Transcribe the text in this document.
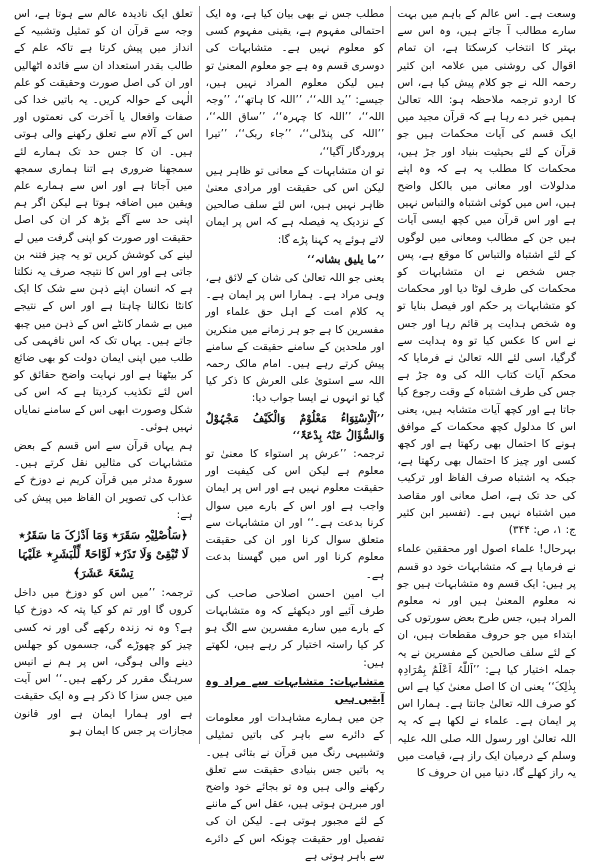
وسعت ہے۔ اس عالم کے باہم میں بہت سارے مطالب آ جاتے ہیں، وہ اس سے بہتر کا انتخاب کرسکتا ہے، ان تمام اقوال کی روشنی میں علامہ ابن کثیر رحمہ اللہ نے جو کلام پیش کیا ہے، اس کا اردو ترجمہ ملاحظہ ہو: اللہ تعالیٰ ہمیں خبر دے رہا ہے کہ قرآن مجید میں ایک قسم کی آیات محکمات ہیں جو قرآن کے لئے بحیثیت بنیاد اور جڑ ہیں، محکمات کا مطلب یہ ہے کہ وہ اپنے مدلولات اور معانی میں بالکل واضح ہیں، اس میں کوئی اشتباہ والتباس نہیں ہے اور اس قرآن میں کچھ ایسی آیات ہیں جن کے مطالب ومعانی میں لوگوں کے لئے اشتباہ والتباس کا موقع ہے، پس جس شخص نے ان متشابہات کو محکمات کی طرف لوٹا دیا اور محکمات کو متشابہات پر حکم اور فیصل بنایا تو وہ شخص ہدایت پر قائم رہا اور جس نے اس کا عکس کیا تو وہ ہدایت سے گرگیا، اسی لئے اللہ تعالیٰ نے فرمایا کہ محکم آیات کتاب اللہ کی وہ جڑ ہے جس کی طرف اشتباہ کے وقت رجوع کیا جاتا ہے اور کچھ آیات متشابہ ہیں، یعنی اس کا مدلول کچھ محکمات کے موافق ہونے کا احتمال بھی رکھتا ہے اور کچھ کسی اور چیز کا احتمال بھی رکھتا ہے، جبکہ یہ اشتباہ صرف الفاظ اور ترکیب کی حد تک ہے، اصل معانی اور مقاصد میں اشتباہ نہیں ہے۔ (تفسیر ابن کثیر ج: ۱، ص: ۳۴۴)

بہرحال! علماء اصول اور محققین علماء نے فرمایا ہے کہ متشابہات خود دو قسم پر ہیں: ایک قسم وہ متشابہات ہیں جو نہ معلوم المعنیٰ ہیں اور نہ معلوم المراد ہیں، جس طرح بعض سورتوں کی ابتداء میں جو حروف مقطعات ہیں، ان کے لئے سلف صالحین کے مفسرین نے یہ جملہ اختیار کیا ہے: ’’اَللّٰہُ اَعْلَمُ بِمُرَادِہٖ بِذٰلِکَ‘‘ یعنی ان کا اصل معنیٰ کیا ہے اس کو صرف اللہ تعالیٰ جانتا ہے۔ ہمارا اس پر ایمان ہے۔ علماء نے لکھا ہے کہ یہ اللہ تعالیٰ اور رسول اللہ صلی اللہ علیہ وسلم کے درمیان ایک راز ہے، قیامت میں یہ راز کھلے گا، دنیا میں ان حروف کا

مطلب جس نے بھی بیان کیا ہے، وہ ایک احتمالی مفہوم ہے، یقینی مفہوم کسی کو معلوم نہیں ہے۔ متشابہات کی دوسری قسم وہ ہے جو معلوم المعنیٰ تو ہیں لیکن معلوم المراد نہیں ہیں، جیسے: ’’ید اللہ‘‘، ’’اللہ کا ہاتھ‘‘، ’’وجہ اللہ‘‘، ’’اللہ کا چہرہ‘‘، ’’ساق اللہ‘‘، ’’اللہ کی پنڈلی‘‘، ’’جاء ربک‘‘، ’’تیرا پروردگار آگیا‘‘،

تو ان متشابہات کے معانی تو ظاہر ہیں لیکن اس کی حقیقت اور مرادی معنیٰ ظاہر نہیں ہیں، اس لئے سلف صالحین کے نزدیک یہ فیصلہ ہے کہ اس پر ایمان لاتے ہوئے یہ کہنا پڑے گا:

’’ما یلیق بشانہ‘‘

یعنی جو اللہ تعالیٰ کی شان کے لائق ہے، وہی مراد ہے۔ ہمارا اس پر ایمان ہے۔ یہ کلام امت کے اہل حق علماء اور مفسرین کا ہے جو ہر زمانے میں منکرین اور ملحدین کے سامنے حقیقت کے سامنے پیش کرتے رہے ہیں۔ امام مالک رحمہ اللہ سے استویٰ علی العرش کا ذکر کیا گیا تو انہوں نے ایسا جواب دیا:

’’اَلْاِسْتِوَاءُ مَعْلُوْمٌ وَالْکَیْفُ مَجْہُوْلٌ وَالسُّؤَالُ عَنْہُ بِدْعَۃٌ‘‘

ترجمہ: ’’عرش پر استواء کا معنیٰ تو معلوم ہے لیکن اس کی کیفیت اور حقیقت معلوم نہیں ہے اور اس پر ایمان واجب ہے اور اس کے بارے میں سوال کرنا بدعت ہے۔‘‘ اور ان متشابہات سے متعلق سوال کرنا اور ان کی حقیقت معلوم کرنا اور اس میں گھسنا بدعت ہے۔

اب امین احسن اصلاحی صاحب کی طرف آئیے اور دیکھئے کہ وہ متشابہات کے بارے میں سارے مفسرین سے الگ ہو کر کیا راستہ اختیار کر رہے ہیں، لکھتے ہیں:

متشابہات: متشابہات سے مراد وہ آیتیں ہیں

جن میں ہمارے مشاہدات اور معلومات کے دائرے سے باہر کی باتیں تمثیلی وتشبیہی رنگ میں قرآن نے بتائی ہیں۔ یہ باتیں جس بنیادی حقیقت سے تعلق رکھنے والی ہیں وہ تو بجائے خود واضح اور مبرہن ہوتی ہیں، عقل اس کے ماننے کے لئے مجبور ہوتی ہے۔ لیکن ان کی تفصیل اور حقیقت چونکہ اس کے دائرے سے باہر ہوتی ہے

تعلق ایک نادیدہ عالم سے ہوتا ہے، اس وجہ سے قرآن ان کو تمثیل وتشبیہ کے انداز میں پیش کرتا ہے تاکہ علم کے طالب بقدر استعداد ان سے فائدہ اٹھالیں اور ان کی اصل صورت وحقیقت کو علم الٰہی کے حوالہ کریں۔ یہ باتیں خدا کی صفات وافعال یا آخرت کی نعمتوں اور اس کے آلام سے تعلق رکھنے والی ہوتی ہیں۔ ان کا جس حد تک ہمارے لئے سمجھنا ضروری ہے اتنا ہماری سمجھ میں آجاتا ہے اور اس سے ہمارے علم ویقین میں اضافہ ہوتا ہے لیکن اگر ہم اپنی حد سے آگے بڑھ کر ان کی اصل حقیقت اور صورت کو اپنی گرفت میں لے لینے کی کوشش کریں تو یہ چیز فتنہ بن جاتی ہے اور اس کا نتیجہ صرف یہ نکلتا ہے کہ انسان اپنے ذہن سے شک کا ایک کانٹا نکالنا چاہتا ہے اور اس کے نتیجے میں بے شمار کانٹے اس کے ذہن میں چبھ جاتے ہیں۔ یہاں تک کہ اس نافہمی کی طلب میں اپنی ایمان دولت کو بھی ضائع کر بیٹھتا ہے اور نہایت واضح حقائق کو اس لئے تکذیب کردیتا ہے کہ اس کی شکل وصورت ابھی اس کے سامنے نمایاں نہیں ہوئی۔

ہم یہاں قرآن سے اس قسم کے بعض متشابہات کی مثالیں نقل کرتے ہیں۔ سورۃ مدثر میں قرآن کریم نے دوزخ کے عذاب کی تصویر ان الفاظ میں پیش کی ہے:

﴿سَاُصْلِیْہِ سَقَرَ٭ وَمَا اَدْرٰکَ مَا سَقَرُ٭ لَا تُبْقِیْ وَلَا تَذَرُ٭ لَوَّاحَۃٌ لِّلْبَشَرِ٭ عَلَیْہَا تِسْعَۃَ عَشَرَ﴾

ترجمہ: ’’میں اس کو دوزخ میں داخل کروں گا اور تم کو کیا پتہ کہ دوزخ کیا ہے؟ وہ نہ زندہ رکھے گی اور نہ کسی چیز کو چھوڑے گی، جسموں کو جھلس دینے والی ہوگی، اس پر ہم نے انیس سرہنگ مقرر کر رکھے ہیں۔‘‘ اس آیت میں جس سزا کا ذکر ہے وہ ایک حقیقت ہے اور ہمارا ایمان ہے اور قانون مجازات پر جس کا ایمان ہو
